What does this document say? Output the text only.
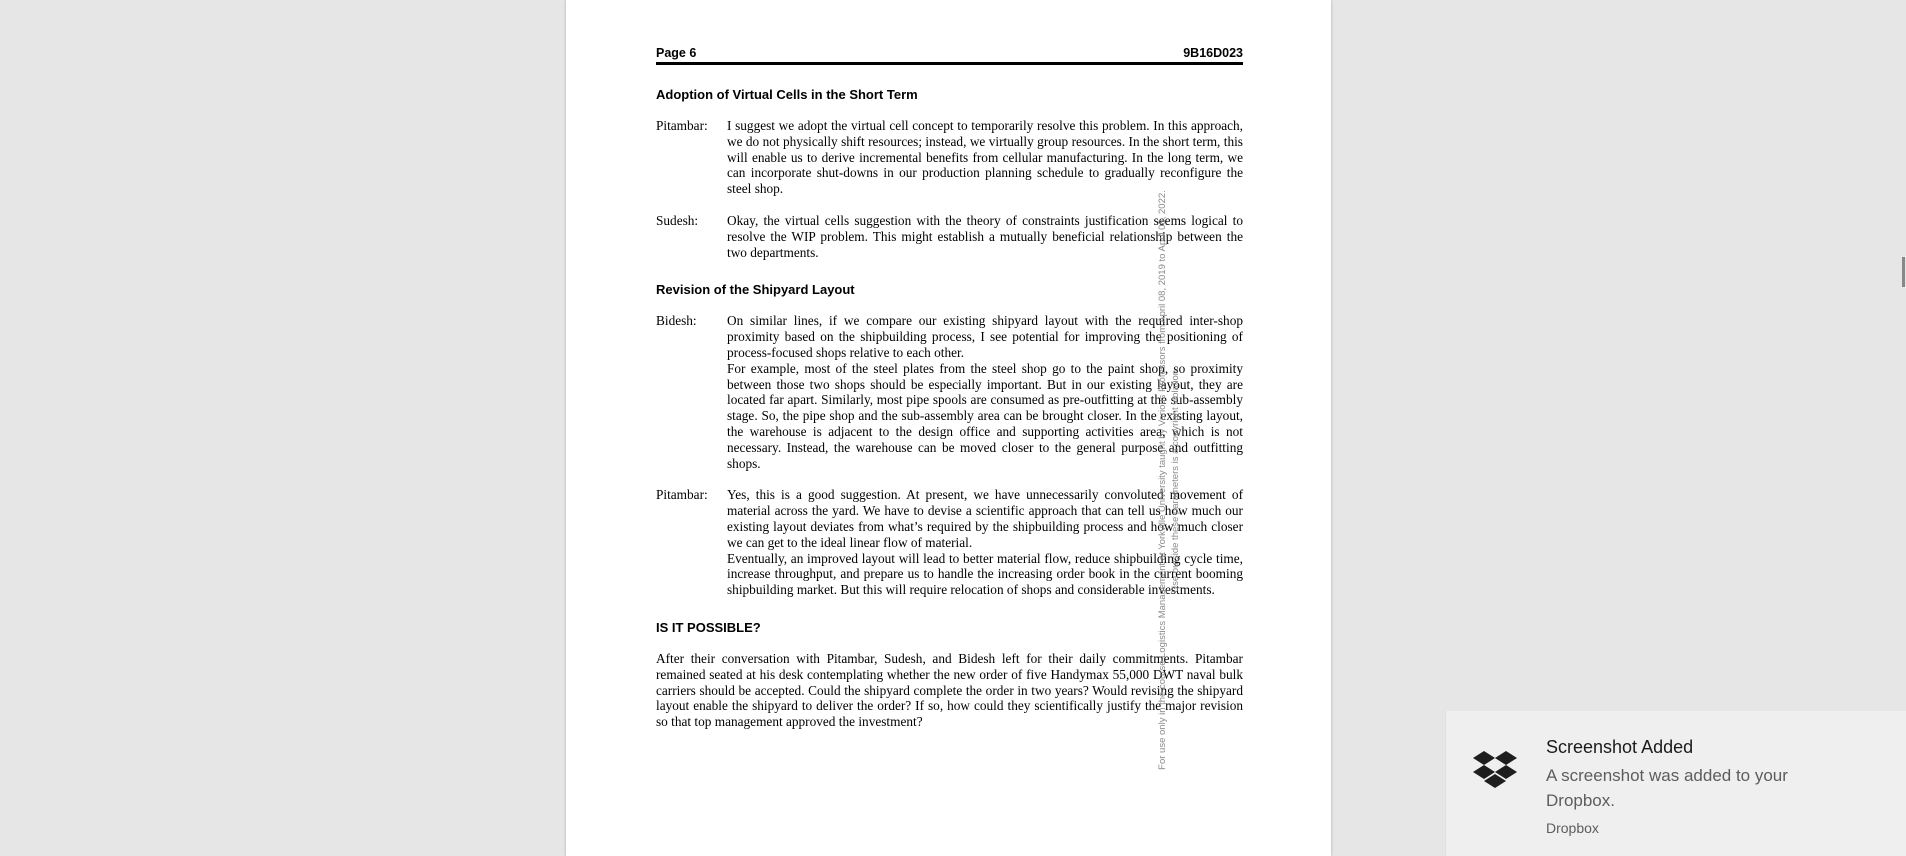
Page 6	9B16D023
Adoption of Virtual Cells in the Short Term
Pitambar:	I suggest we adopt the virtual cell concept to temporarily resolve this problem. In this approach, we do not physically shift resources; instead, we virtually group resources. In the short term, this will enable us to derive incremental benefits from cellular manufacturing. In the long term, we can incorporate shut-downs in our production planning schedule to gradually reconfigure the steel shop.

Sudesh:	Okay, the virtual cells suggestion with the theory of constraints justification seems logical to resolve the WIP problem. This might establish a mutually beneficial relationship between the two departments.

Revision of the Shipyard Layout
Bidesh:	On similar lines, if we compare our existing shipyard layout with the required inter-shop proximity based on the shipbuilding process, I see potential for improving the positioning of process-focused shops relative to each other.

For example, most of the steel plates from the steel shop go to the paint shop, so proximity between those two shops should be especially important. But in our existing layout, they are located far apart. Similarly, most pipe spools are consumed as pre-outfitting at the sub-assembly stage. So, the pipe shop and the sub-assembly area can be brought closer. In the existing layout, the warehouse is adjacent to the design office and supporting activities area, which is not necessary. Instead, the warehouse can be moved closer to the general purpose and outfitting shops.

Pitambar:	Yes, this is a good suggestion. At present, we have unnecessarily convoluted movement of material across the yard. We have to devise a scientific approach that can tell us how much our existing layout deviates from what’s required by the shipbuilding process and how much closer we can get to the ideal linear flow of material.

Eventually, an improved layout will lead to better material flow, reduce shipbuilding cycle time, increase throughput, and prepare us to handle the increasing order book in the current booming shipbuilding market. But this will require relocation of shops and considerable investments.

IS IT POSSIBLE?

After their conversation with Pitambar, Sudesh, and Bidesh left for their daily commitments. Pitambar remained seated at his desk contemplating whether the new order of five Handymax 55,000 DWT naval bulk carriers should be accepted. Could the shipyard complete the order in two years? Would revising the shipyard layout enable the shipyard to deliver the order? If so, how could they scientifically justify the major revision so that top management approved the investment?	For use only in the course Logistics Management at Yorkville University taught by Various Professors from April 08, 2019 to April 08, 2022. Use outside these parameters is a copyright violation.
Screenshot Added
A screenshot was added to your Dropbox.
Dropbox
